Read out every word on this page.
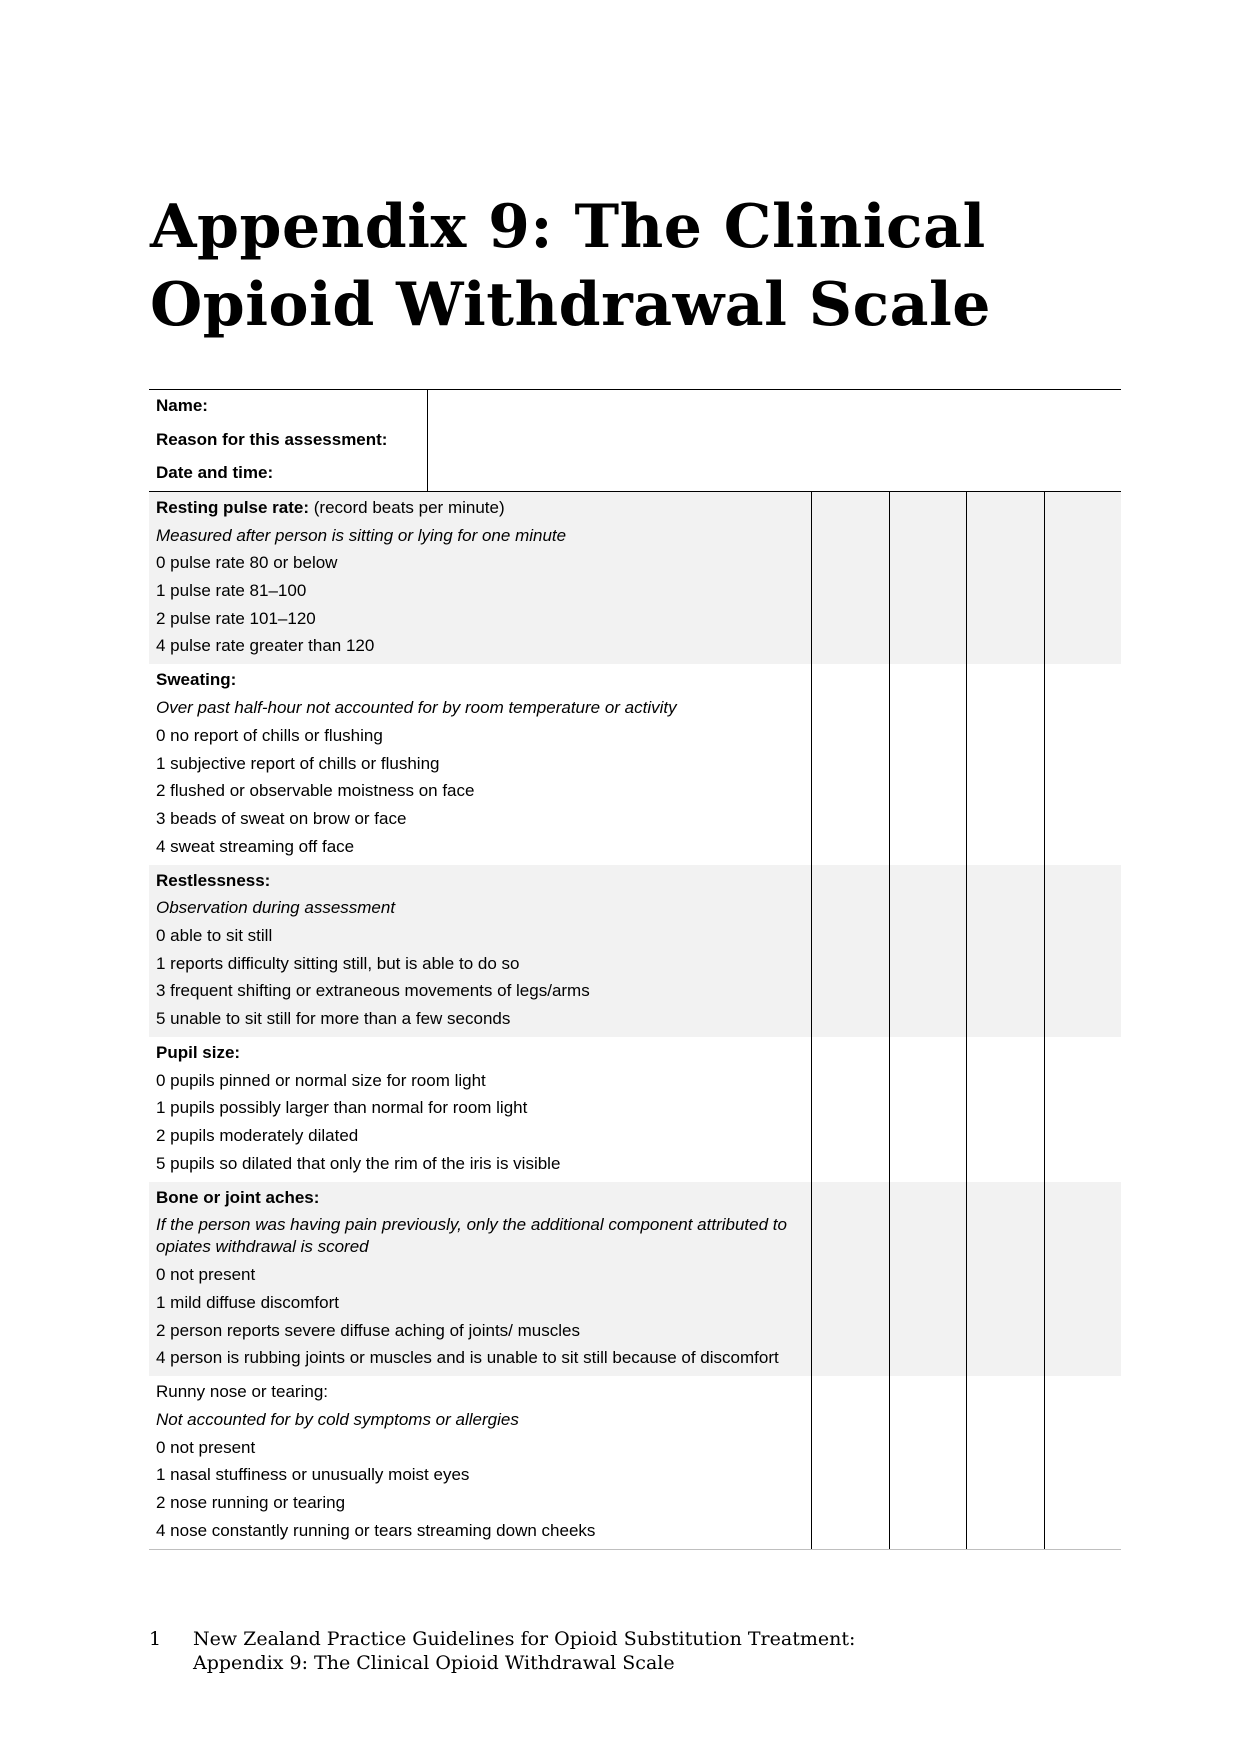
Appendix 9: The Clinical
Opioid Withdrawal Scale
Name:
Reason for this assessment:
Date and time:
Resting pulse rate: (record beats per minute)
Measured after person is sitting or lying for one minute
0 pulse rate 80 or below
1 pulse rate 81–100
2 pulse rate 101–120
4 pulse rate greater than 120
Sweating:
Over past half-hour not accounted for by room temperature or activity
0 no report of chills or flushing
1 subjective report of chills or flushing
2 flushed or observable moistness on face
3 beads of sweat on brow or face
4 sweat streaming off face
Restlessness:
Observation during assessment
0 able to sit still
1 reports difficulty sitting still, but is able to do so
3 frequent shifting or extraneous movements of legs/arms
5 unable to sit still for more than a few seconds
Pupil size:
0 pupils pinned or normal size for room light
1 pupils possibly larger than normal for room light
2 pupils moderately dilated
5 pupils so dilated that only the rim of the iris is visible
Bone or joint aches:
If the person was having pain previously, only the additional component attributed to opiates withdrawal is scored
0 not present
1 mild diffuse discomfort
2 person reports severe diffuse aching of joints/ muscles
4 person is rubbing joints or muscles and is unable to sit still because of discomfort
Runny nose or tearing:
Not accounted for by cold symptoms or allergies
0 not present
1 nasal stuffiness or unusually moist eyes
2 nose running or tearing
4 nose constantly running or tears streaming down cheeks
1 New Zealand Practice Guidelines for Opioid Substitution Treatment:
Appendix 9: The Clinical Opioid Withdrawal Scale
